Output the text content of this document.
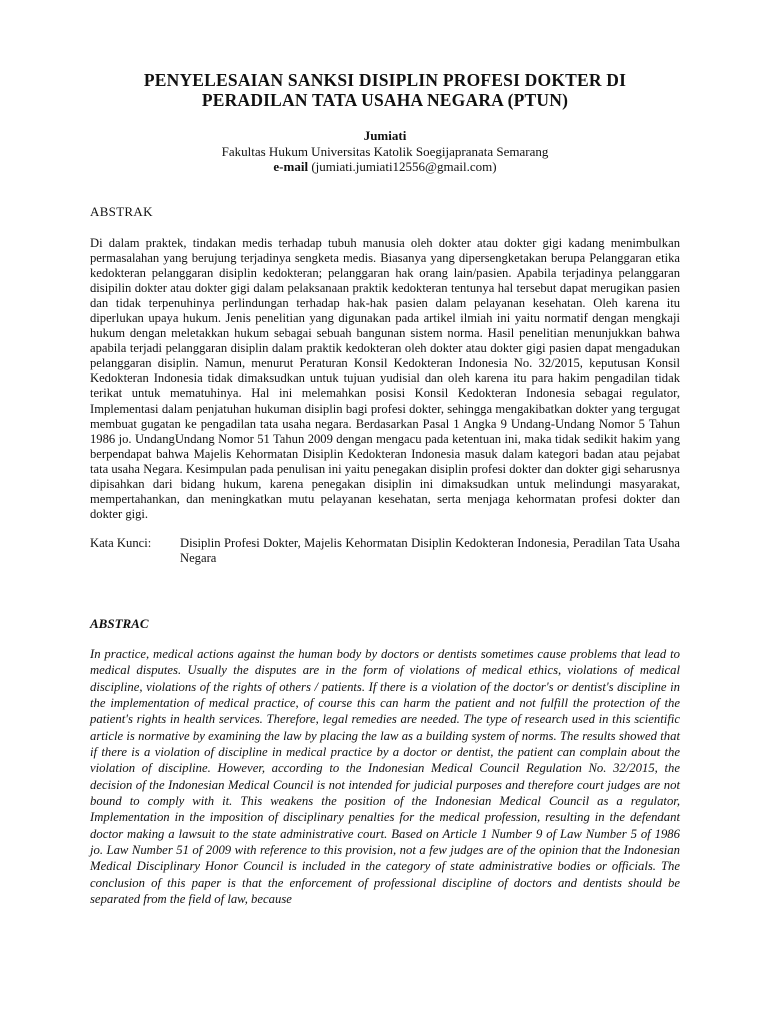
PENYELESAIAN SANKSI DISIPLIN PROFESI DOKTER DI
PERADILAN TATA USAHA NEGARA (PTUN)
Jumiati
Fakultas Hukum Universitas Katolik Soegijapranata Semarang
e-mail (jumiati.jumiati12556@gmail.com)
ABSTRAK

Di dalam praktek, tindakan medis terhadap tubuh manusia oleh dokter atau dokter gigi kadang menimbulkan permasalahan yang berujung terjadinya sengketa medis. Biasanya yang dipersengketakan berupa Pelanggaran etika kedokteran pelanggaran disiplin kedokteran; pelanggaran hak orang lain/pasien. Apabila terjadinya pelanggaran disipilin dokter atau dokter gigi dalam pelaksanaan praktik kedokteran tentunya hal tersebut dapat merugikan pasien dan tidak terpenuhinya perlindungan terhadap hak-hak pasien dalam pelayanan kesehatan. Oleh karena itu diperlukan upaya hukum. Jenis penelitian yang digunakan pada artikel ilmiah ini yaitu normatif dengan mengkaji hukum dengan meletakkan hukum sebagai sebuah bangunan sistem norma. Hasil penelitian menunjukkan bahwa apabila terjadi pelanggaran disiplin dalam praktik kedokteran oleh dokter atau dokter gigi pasien dapat mengadukan pelanggaran disiplin. Namun, menurut Peraturan Konsil Kedokteran Indonesia No. 32/2015, keputusan Konsil Kedokteran Indonesia tidak dimaksudkan untuk tujuan yudisial dan oleh karena itu para hakim pengadilan tidak terikat untuk mematuhinya. Hal ini melemahkan posisi Konsil Kedokteran Indonesia sebagai regulator, Implementasi dalam penjatuhan hukuman disiplin bagi profesi dokter, sehingga mengakibatkan dokter yang tergugat membuat gugatan ke pengadilan tata usaha negara. Berdasarkan Pasal 1 Angka 9 Undang-Undang Nomor 5 Tahun 1986 jo. UndangUndang Nomor 51 Tahun 2009 dengan mengacu pada ketentuan ini, maka tidak sedikit hakim yang berpendapat bahwa Majelis Kehormatan Disiplin Kedokteran Indonesia masuk dalam kategori badan atau pejabat tata usaha Negara. Kesimpulan pada penulisan ini yaitu penegakan disiplin profesi dokter dan dokter gigi seharusnya dipisahkan dari bidang hukum, karena penegakan disiplin ini dimaksudkan untuk melindungi masyarakat, mempertahankan, dan meningkatkan mutu pelayanan kesehatan, serta menjaga kehormatan profesi dokter dan dokter gigi.

Kata Kunci:	Disiplin Profesi Dokter, Majelis Kehormatan Disiplin Kedokteran Indonesia, Peradilan Tata Usaha Negara
ABSTRAC

In practice, medical actions against the human body by doctors or dentists sometimes cause problems that lead to medical disputes. Usually the disputes are in the form of violations of medical ethics, violations of medical discipline, violations of the rights of others / patients. If there is a violation of the doctor's or dentist's discipline in the implementation of medical practice, of course this can harm the patient and not fulfill the protection of the patient's rights in health services. Therefore, legal remedies are needed. The type of research used in this scientific article is normative by examining the law by placing the law as a building system of norms. The results showed that if there is a violation of discipline in medical practice by a doctor or dentist, the patient can complain about the violation of discipline. However, according to the Indonesian Medical Council Regulation No. 32/2015, the decision of the Indonesian Medical Council is not intended for judicial purposes and therefore court judges are not bound to comply with it. This weakens the position of the Indonesian Medical Council as a regulator, Implementation in the imposition of disciplinary penalties for the medical profession, resulting in the defendant doctor making a lawsuit to the state administrative court. Based on Article 1 Number 9 of Law Number 5 of 1986 jo. Law Number 51 of 2009 with reference to this provision, not a few judges are of the opinion that the Indonesian Medical Disciplinary Honor Council is included in the category of state administrative bodies or officials. The conclusion of this paper is that the enforcement of professional discipline of doctors and dentists should be separated from the field of law, because
